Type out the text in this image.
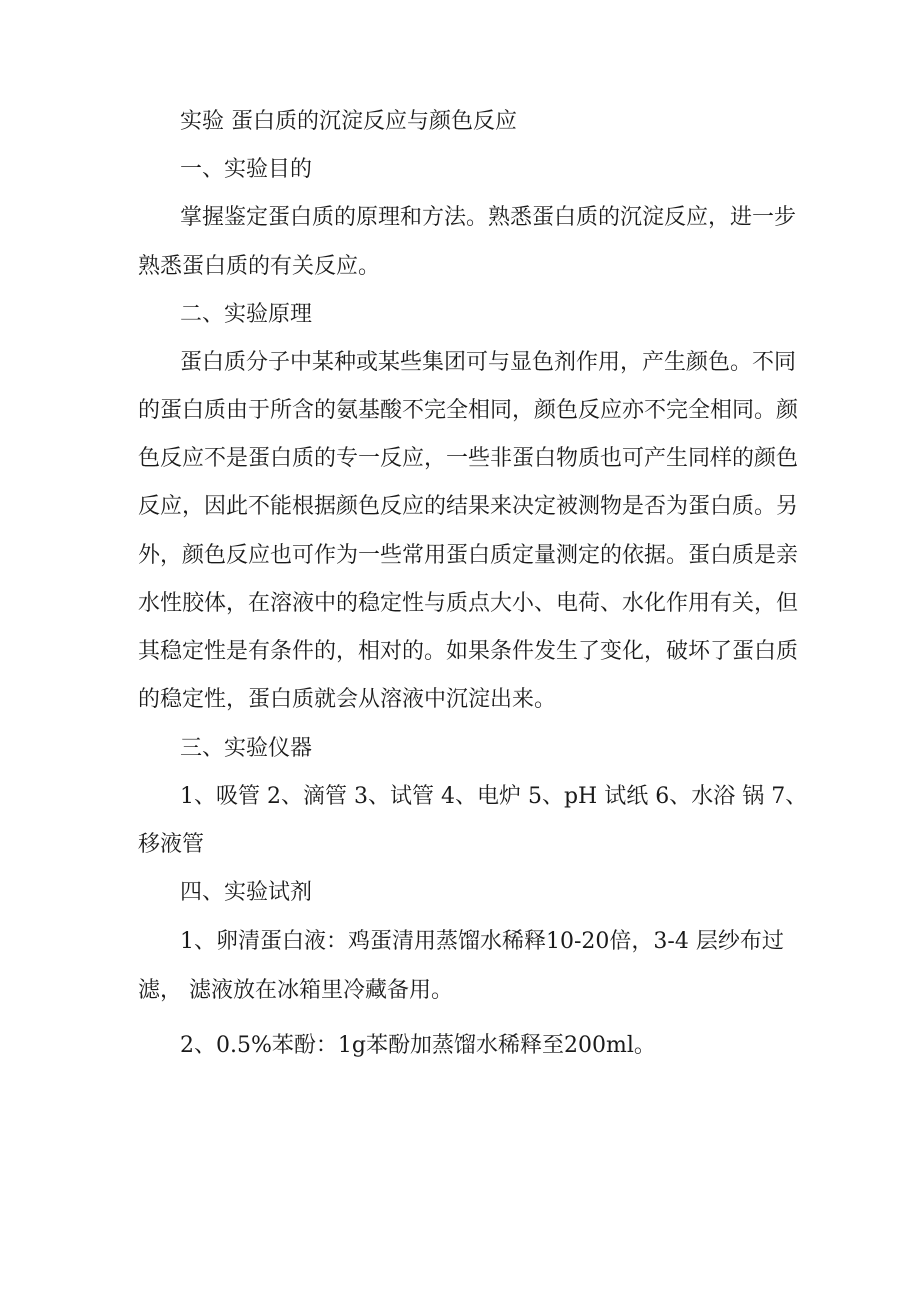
实验 蛋白质的沉淀反应与颜色反应
一、实验目的
掌握鉴定蛋白质的原理和方法。熟悉蛋白质的沉淀反应，进一步
熟悉蛋白质的有关反应。
二、实验原理
蛋白质分子中某种或某些集团可与显色剂作用，产生颜色。不同
的蛋白质由于所含的氨基酸不完全相同，颜色反应亦不完全相同。颜
色反应不是蛋白质的专一反应，一些非蛋白物质也可产生同样的颜色
反应，因此不能根据颜色反应的结果来决定被测物是否为蛋白质。另
外，颜色反应也可作为一些常用蛋白质定量测定的依据。蛋白质是亲
水性胶体，在溶液中的稳定性与质点大小、电荷、水化作用有关，但
其稳定性是有条件的，相对的。如果条件发生了变化，破坏了蛋白质
的稳定性，蛋白质就会从溶液中沉淀出来。
三、实验仪器
1、吸管 2、滴管 3、试管 4、电炉 5、pH 试纸 6、水浴 锅 7、
移液管
四、实验试剂
1、卵清蛋白液：鸡蛋清用蒸馏水稀释10-20倍，3-4 层纱布过
滤， 滤液放在冰箱里冷藏备用。
2、0.5%苯酚：1g苯酚加蒸馏水稀释至200ml。
